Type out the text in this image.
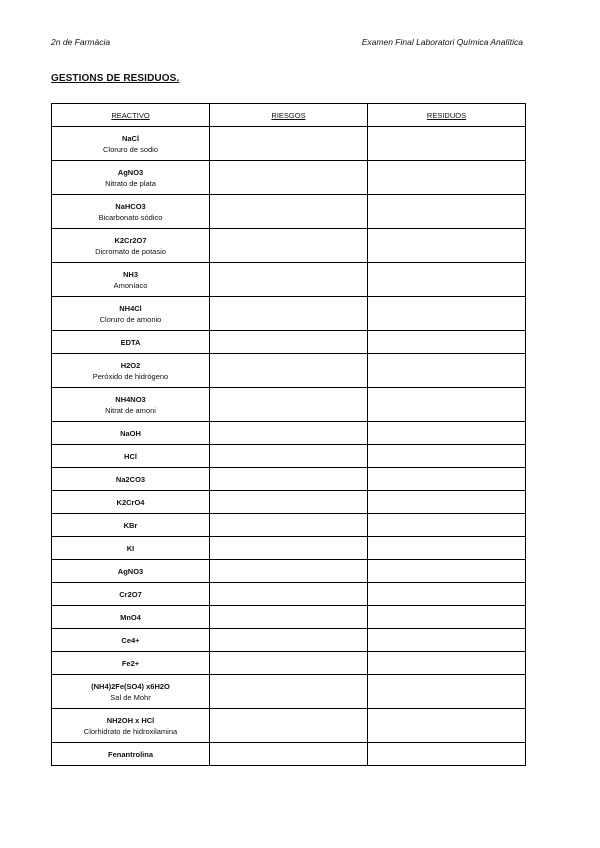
2n de Farmàcia	Examen Final Laboratori Química Analítica
GESTIONS DE RESIDUOS.
REACTIVO	RIESGOS	RESIDUOS

NaCl
Cloruro de sodio		

AgNO3
Nitrato de plata		

NaHCO3
Bicarbonato sódico		

K2Cr2O7
Dicromato de potasio		

NH3
Amoníaco		

NH4Cl
Cloruro de amonio		

EDTA		

H2O2
Peróxido de hidrógeno		

NH4NO3
Nitrat de amoni		

NaOH		

HCl		

Na2CO3		

K2CrO4		

KBr		

KI		

AgNO3		

Cr2O7		

MnO4		

Ce4+		

Fe2+		

(NH4)2Fe(SO4) x6H2O
Sal de Mohr		

NH2OH x HCl
Clorhidrato de hidroxilamina		

Fenantrolina		
